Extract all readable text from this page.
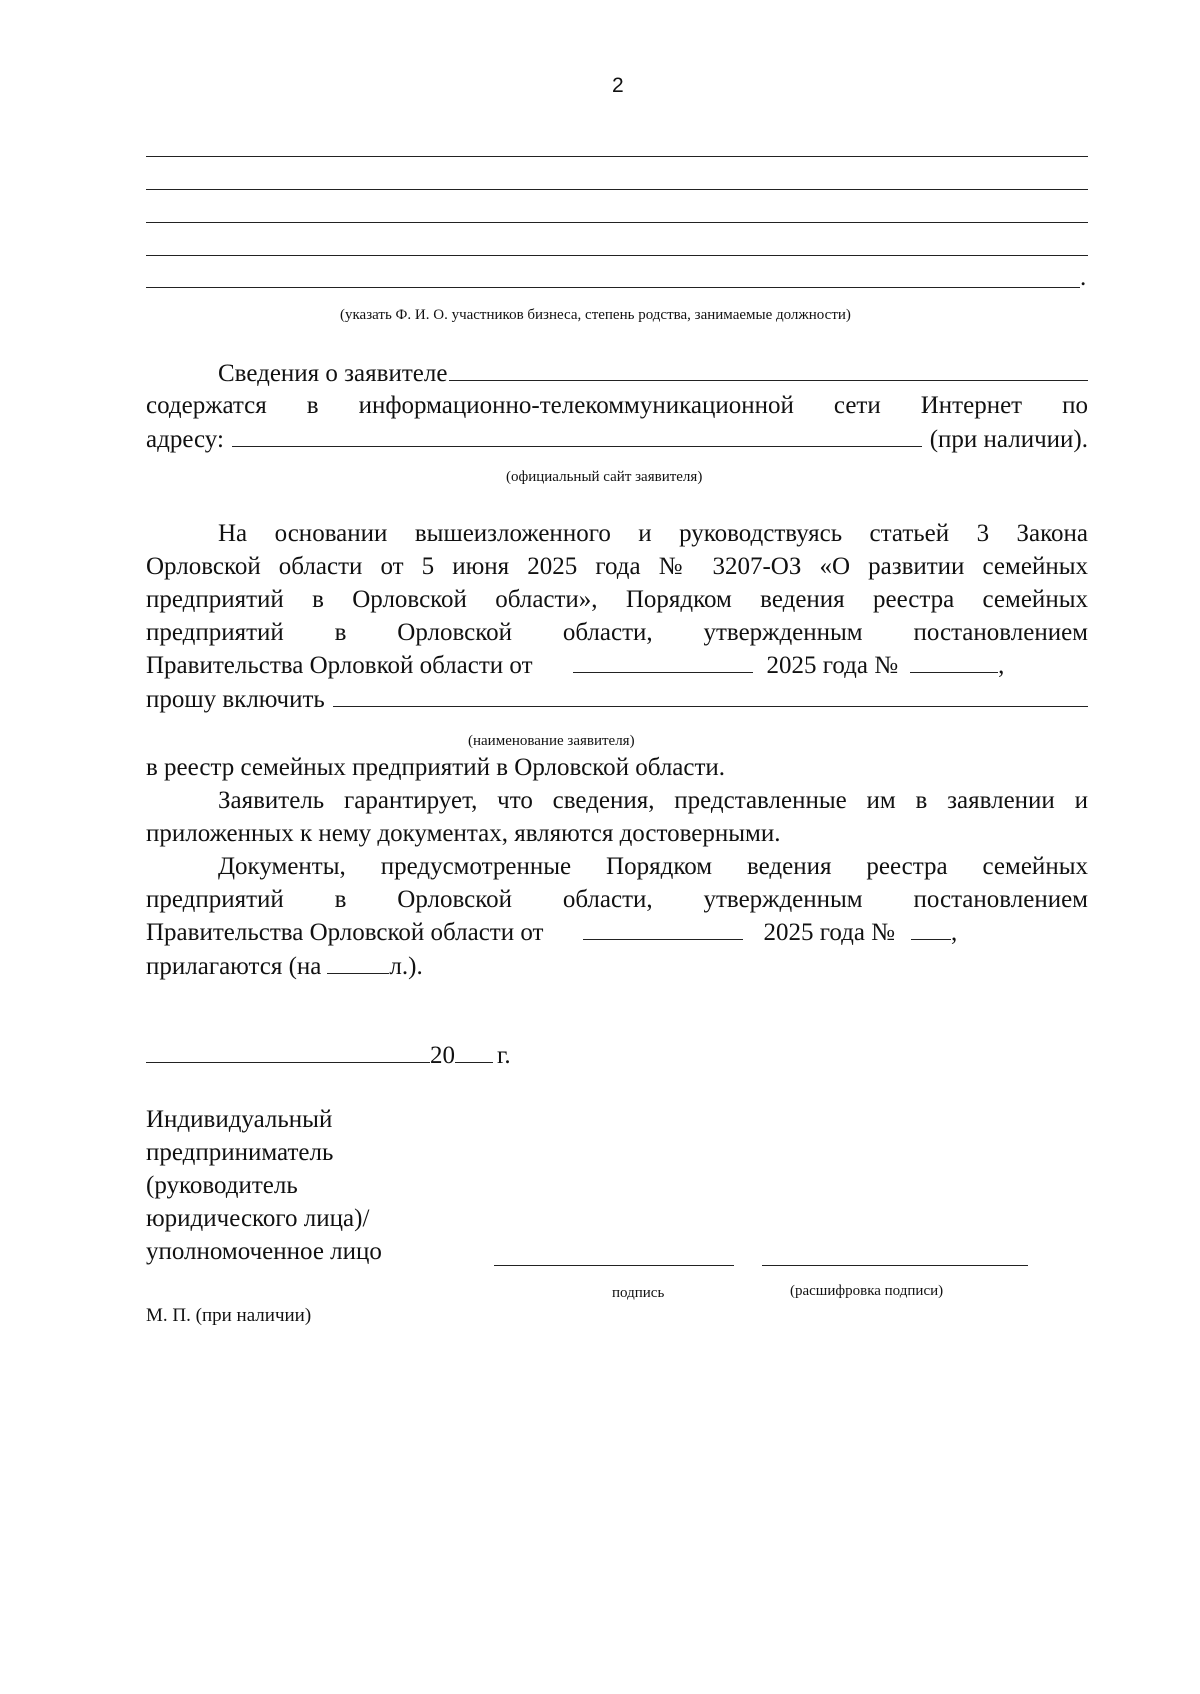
2
.
(указать Ф. И. О. участников бизнеса, степень родства, занимаемые должности)
Сведения о заявителе
содержатся в информационно-телекоммуникационной сети Интернет по
адресу:	(при наличии).
(официальный сайт заявителя)
На основании вышеизложенного и руководствуясь статьей 3 Закона
Орловской области от 5 июня 2025 года № 3207-ОЗ «О развитии семейных
предприятий в Орловской области», Порядком ведения реестра семейных
предприятий в Орловской области, утвержденным постановлением
Правительства Орловкой области от	2025 года №	,
прошу включить
(наименование заявителя)
в реестр семейных предприятий в Орловской области.
Заявитель гарантирует, что сведения, представленные им в заявлении и
приложенных к нему документах, являются достоверными.
Документы, предусмотренные Порядком ведения реестра семейных
предприятий в Орловской области, утвержденным постановлением
Правительства Орловской области от	2025 года № ,
прилагаются (на	л.).
20 г.
Индивидуальный
предприниматель
(руководитель
юридического лица)/
уполномоченное лицо
подпись	(расшифровка подписи)
М. П. (при наличии)
